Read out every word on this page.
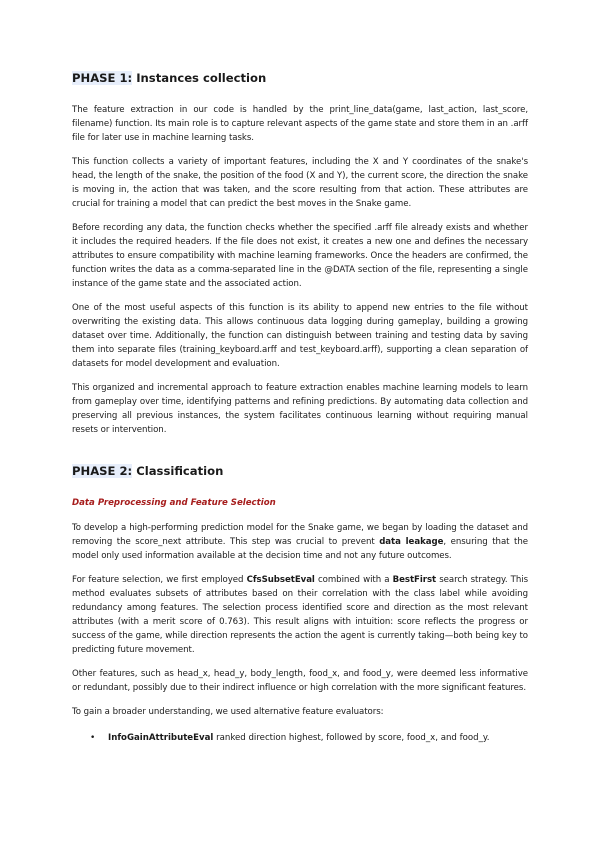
PHASE 1: Instances collection

The feature extraction in our code is handled by the print_line_data(game, last_action, last_score, filename) function. Its main role is to capture relevant aspects of the game state and store them in an .arff file for later use in machine learning tasks.

This function collects a variety of important features, including the X and Y coordinates of the snake's head, the length of the snake, the position of the food (X and Y), the current score, the direction the snake is moving in, the action that was taken, and the score resulting from that action. These attributes are crucial for training a model that can predict the best moves in the Snake game.

Before recording any data, the function checks whether the specified .arff file already exists and whether it includes the required headers. If the file does not exist, it creates a new one and defines the necessary attributes to ensure compatibility with machine learning frameworks. Once the headers are confirmed, the function writes the data as a comma-separated line in the @DATA section of the file, representing a single instance of the game state and the associated action.

One of the most useful aspects of this function is its ability to append new entries to the file without overwriting the existing data. This allows continuous data logging during gameplay, building a growing dataset over time. Additionally, the function can distinguish between training and testing data by saving them into separate files (training_keyboard.arff and test_keyboard.arff), supporting a clean separation of datasets for model development and evaluation.

This organized and incremental approach to feature extraction enables machine learning models to learn from gameplay over time, identifying patterns and refining predictions. By automating data collection and preserving all previous instances, the system facilitates continuous learning without requiring manual resets or intervention.

PHASE 2: Classification
Data Preprocessing and Feature Selection

To develop a high-performing prediction model for the Snake game, we began by loading the dataset and removing the score_next attribute. This step was crucial to prevent data leakage, ensuring that the model only used information available at the decision time and not any future outcomes.

For feature selection, we first employed CfsSubsetEval combined with a BestFirst search strategy. This method evaluates subsets of attributes based on their correlation with the class label while avoiding redundancy among features. The selection process identified score and direction as the most relevant attributes (with a merit score of 0.763). This result aligns with intuition: score reflects the progress or success of the game, while direction represents the action the agent is currently taking—both being key to predicting future movement.

Other features, such as head_x, head_y, body_length, food_x, and food_y, were deemed less informative or redundant, possibly due to their indirect influence or high correlation with the more significant features.

To gain a broader understanding, we used alternative feature evaluators:

• InfoGainAttributeEval ranked direction highest, followed by score, food_x, and food_y.
